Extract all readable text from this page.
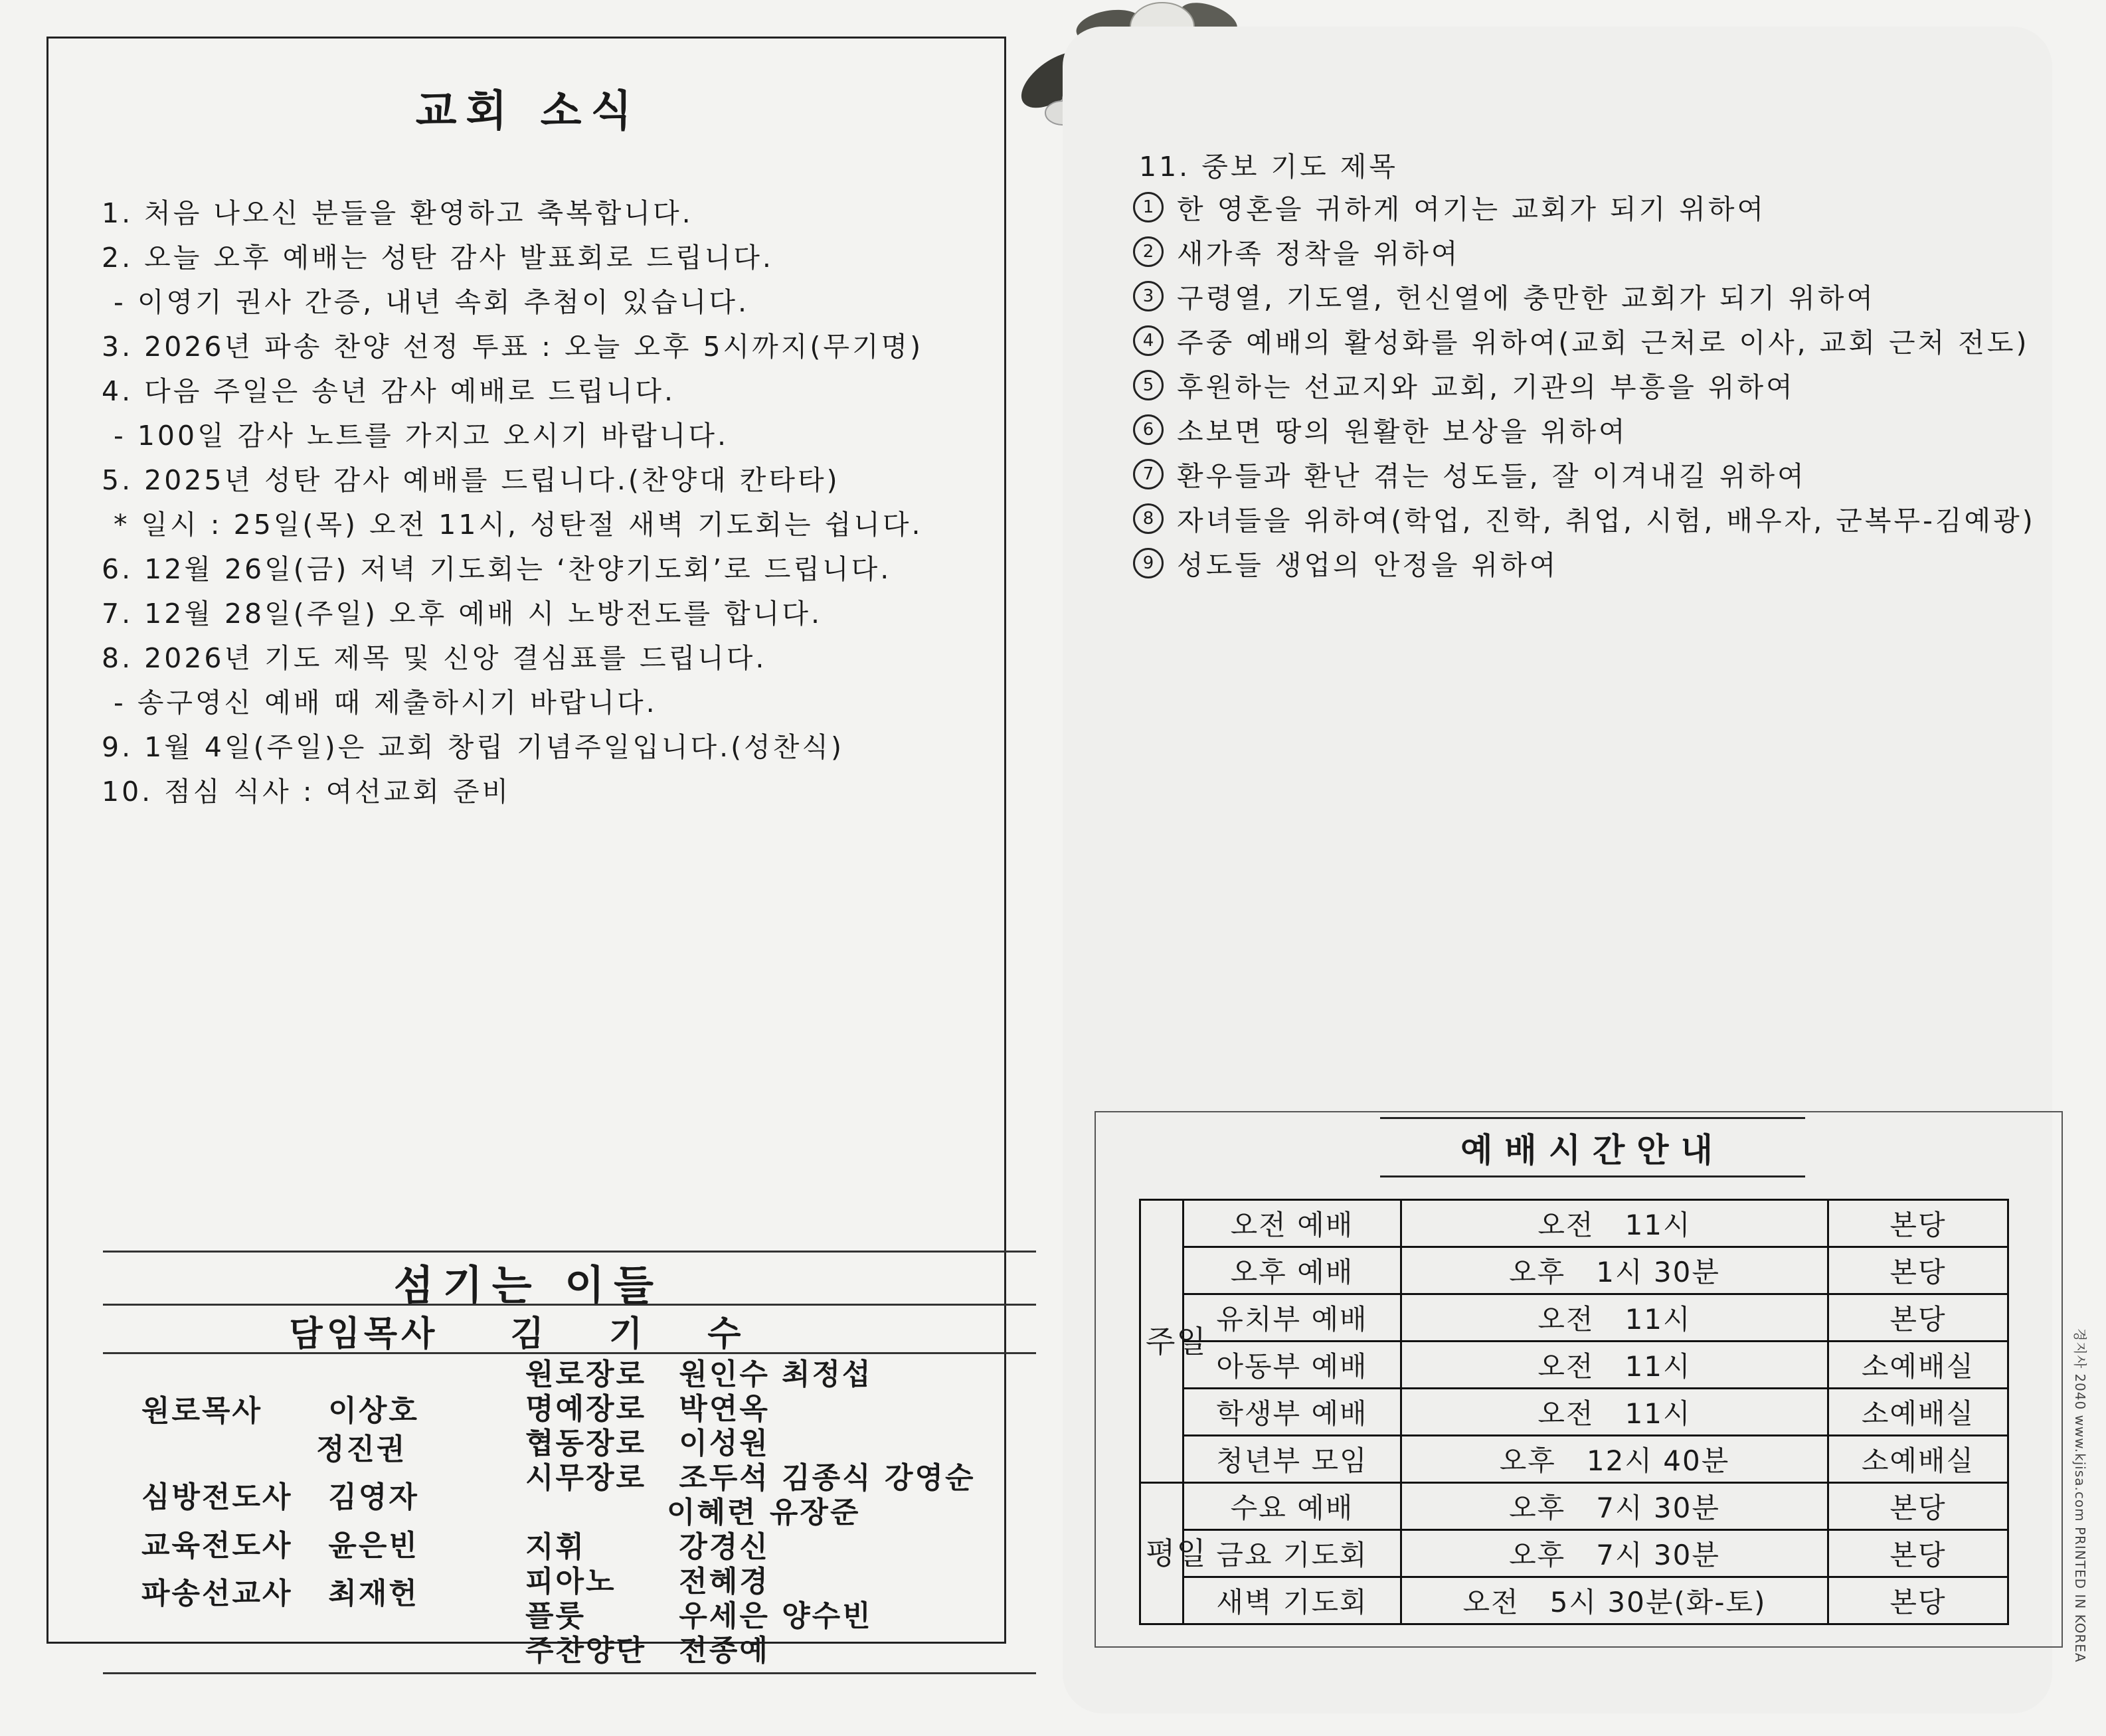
교회 소식
1. 처음 나오신 분들을 환영하고 축복합니다.
2. 오늘 오후 예배는 성탄 감사 발표회로 드립니다.
- 이영기 권사 간증, 내년 속회 추첨이 있습니다.
3. 2026년 파송 찬양 선정 투표 : 오늘 오후 5시까지(무기명)
4. 다음 주일은 송년 감사 예배로 드립니다.
- 100일 감사 노트를 가지고 오시기 바랍니다.
5. 2025년 성탄 감사 예배를 드립니다.(찬양대 칸타타)
* 일시 : 25일(목) 오전 11시, 성탄절 새벽 기도회는 쉽니다.
6. 12월 26일(금) 저녁 기도회는 ‘찬양기도회’로 드립니다.
7. 12월 28일(주일) 오후 예배 시 노방전도를 합니다.
8. 2026년 기도 제목 및 신앙 결심표를 드립니다.
- 송구영신 예배 때 제출하시기 바랍니다.
9. 1월 4일(주일)은 교회 창립 기념주일입니다.(성찬식)
10. 점심 식사 : 여선교회 준비
섬기는 이들
담임목사 김 기 수
원로목사 이상호
정진권
심방전도사 김영자
교육전도사 윤은빈
파송선교사 최재헌
원로장로 원인수 최정섭
명예장로 박연옥
협동장로 이성원
시무장로 조두석 김종식 강영순
이혜련 유장준
지휘	강경신
피아노 전혜경
플룻	우세은 양수빈
주찬양단 전종예
11. 중보 기도 제목
1 한 영혼을 귀하게 여기는 교회가 되기 위하여
2 새가족 정착을 위하여
3 구령열, 기도열, 헌신열에 충만한 교회가 되기 위하여
4 주중 예배의 활성화를 위하여(교회 근처로 이사, 교회 근처 전도)
5 후원하는 선교지와 교회, 기관의 부흥을 위하여
6 소보면 땅의 원활한 보상을 위하여
7 환우들과 환난 겪는 성도들, 잘 이겨내길 위하여
8 자녀들을 위하여(학업, 진학, 취업, 시험, 배우자, 군복무-김예광)
9 성도들 생업의 안정을 위하여
예배시간안내
주일	오전 예배	오전   11시	본당
	오후 예배	오후   1시 30분	본당
	유치부 예배	오전   11시	본당
	아동부 예배	오전   11시	소예배실
	학생부 예배	오전   11시	소예배실
	청년부 모임	오후   12시 40분	소예배실
평일	수요 예배	오후   7시 30분	본당
	금요 기도회	오후   7시 30분	본당
	새벽 기도회	오전   5시 30분(화-토)	본당	경지사 2040 www.kjisa.com PRINTED IN KOREA
